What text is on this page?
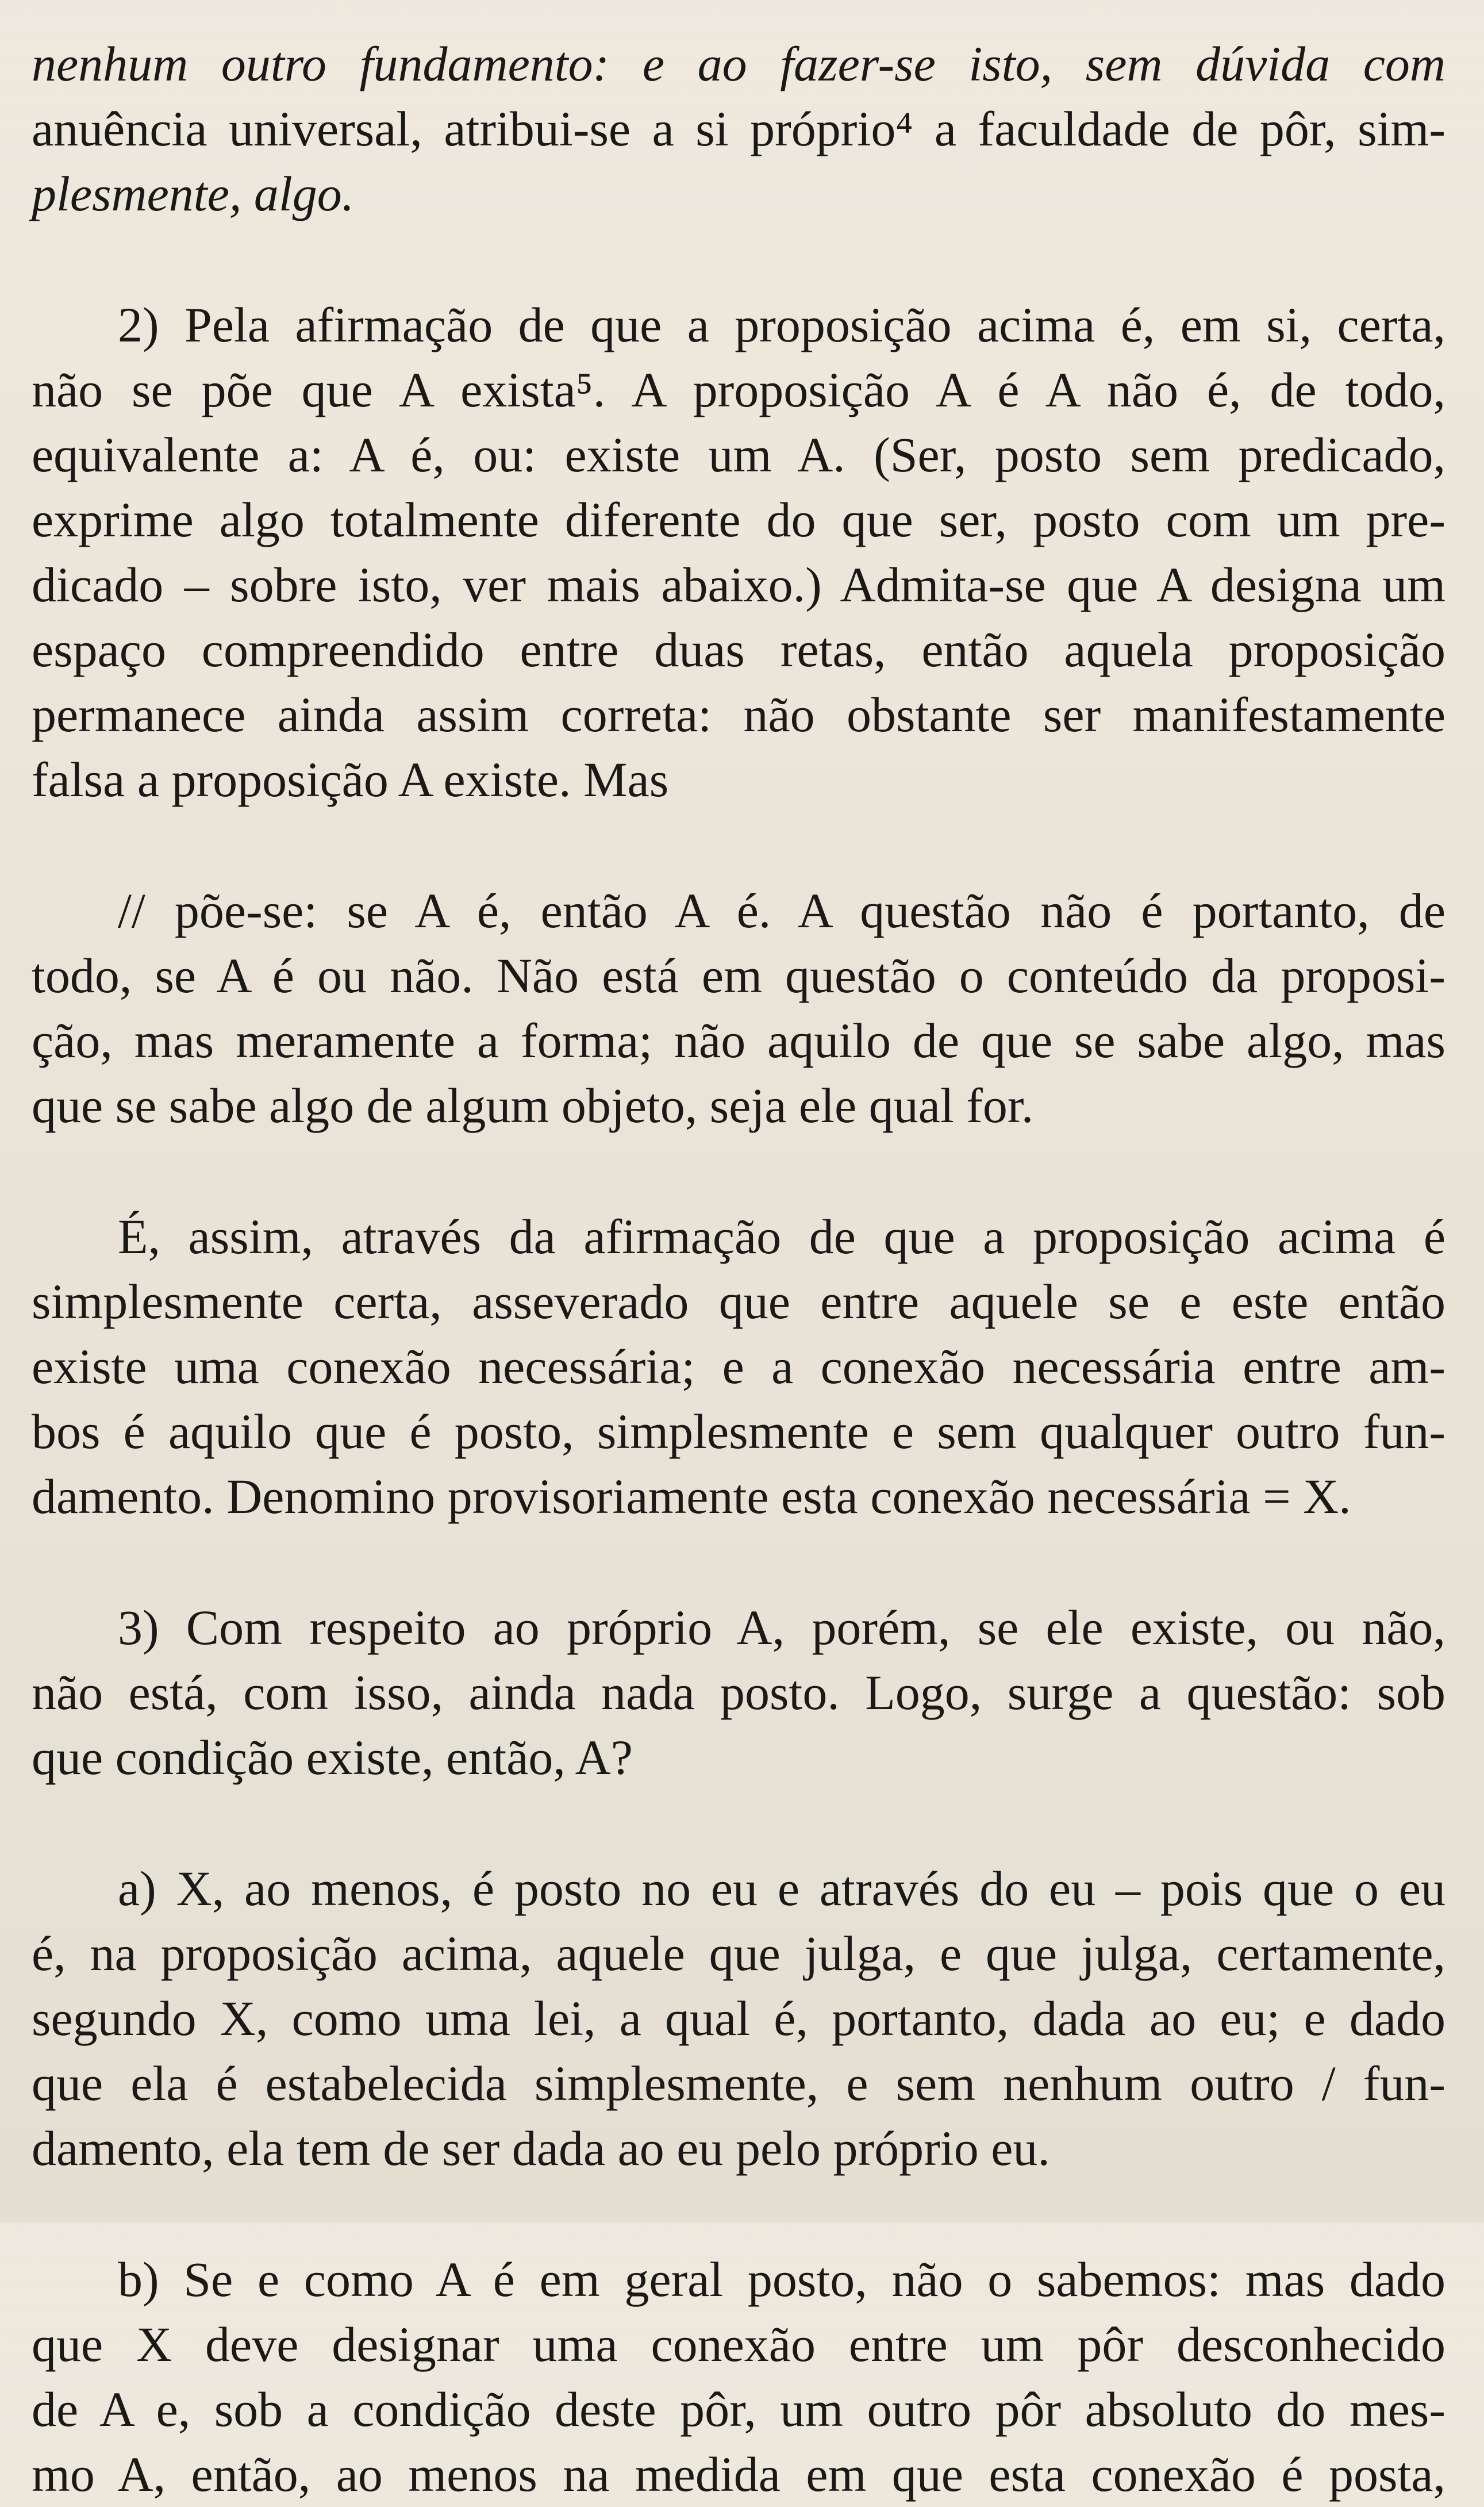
nenhum outro fundamento: e ao fazer-se isto, sem dúvida com
anuência universal, atribui-se a si próprio⁴ a faculdade de pôr, sim-
plesmente, algo.
2) Pela afirmação de que a proposição acima é, em si, certa,
não se põe que A exista⁵. A proposição A é A não é, de todo,
equivalente a: A é, ou: existe um A. (Ser, posto sem predicado,
exprime algo totalmente diferente do que ser, posto com um pre-
dicado – sobre isto, ver mais abaixo.) Admita-se que A designa um
espaço compreendido entre duas retas, então aquela proposição
permanece ainda assim correta: não obstante ser manifestamente
falsa a proposição A existe. Mas
// põe-se: se A é, então A é. A questão não é portanto, de
todo, se A é ou não. Não está em questão o conteúdo da proposi-
ção, mas meramente a forma; não aquilo de que se sabe algo, mas
que se sabe algo de algum objeto, seja ele qual for.
É, assim, através da afirmação de que a proposição acima é
simplesmente certa, asseverado que entre aquele se e este então
existe uma conexão necessária; e a conexão necessária entre am-
bos é aquilo que é posto, simplesmente e sem qualquer outro fun-
damento. Denomino provisoriamente esta conexão necessária = X.
3) Com respeito ao próprio A, porém, se ele existe, ou não,
não está, com isso, ainda nada posto. Logo, surge a questão: sob
que condição existe, então, A?
a) X, ao menos, é posto no eu e através do eu – pois que o eu
é, na proposição acima, aquele que julga, e que julga, certamente,
segundo X, como uma lei, a qual é, portanto, dada ao eu; e dado
que ela é estabelecida simplesmente, e sem nenhum outro / fun-
damento, ela tem de ser dada ao eu pelo próprio eu.
b) Se e como A é em geral posto, não o sabemos: mas dado
que X deve designar uma conexão entre um pôr desconhecido
de A e, sob a condição deste pôr, um outro pôr absoluto do mes-
mo A, então, ao menos na medida em que esta conexão é posta,
